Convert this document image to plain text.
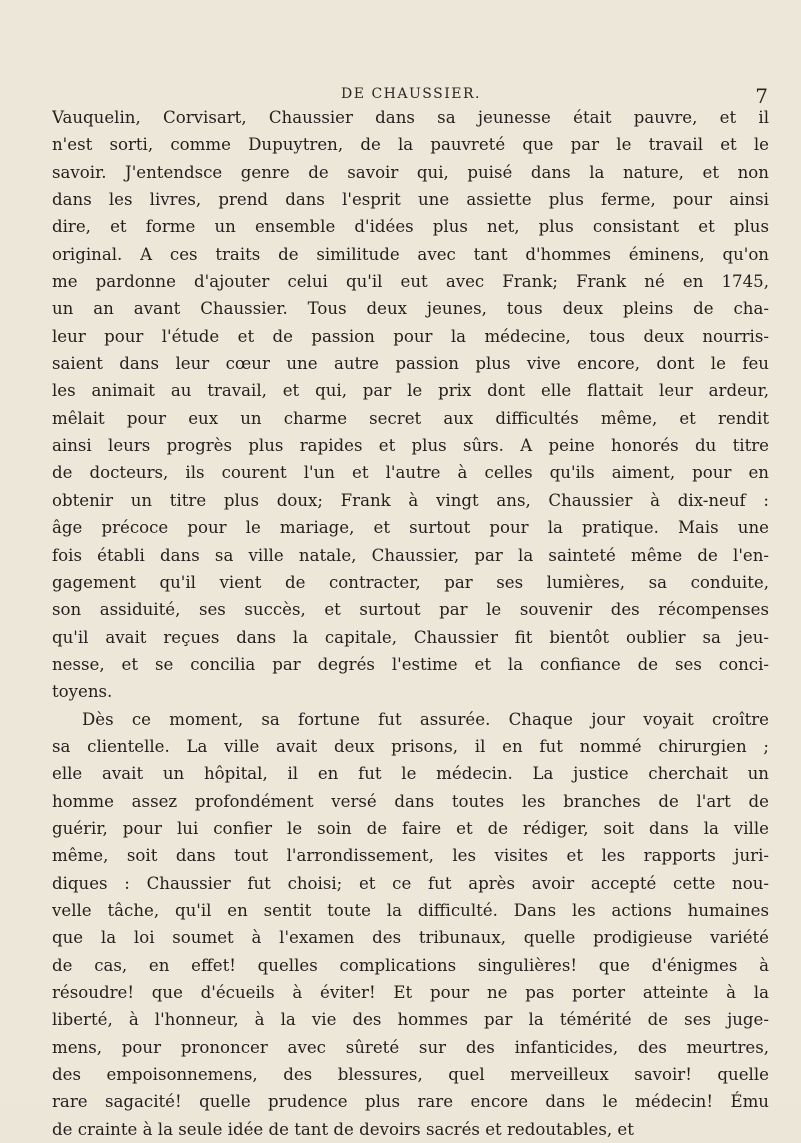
DE CHAUSSIER.	7
Vauquelin, Corvisart, Chaussier dans sa jeunesse était pauvre, et il
n'est sorti, comme Dupuytren, de la pauvreté que par le travail et le
savoir. J'entendsce genre de savoir qui, puisé dans la nature, et non
dans les livres, prend dans l'esprit une assiette plus ferme, pour ainsi
dire, et forme un ensemble d'idées plus net, plus consistant et plus
original. A ces traits de similitude avec tant d'hommes éminens, qu'on
me pardonne d'ajouter celui qu'il eut avec Frank; Frank né en 1745,
un an avant Chaussier. Tous deux jeunes, tous deux pleins de cha-
leur pour l'étude et de passion pour la médecine, tous deux nourris-
saient dans leur cœur une autre passion plus vive encore, dont le feu
les animait au travail, et qui, par le prix dont elle flattait leur ardeur,
mêlait pour eux un charme secret aux difficultés même, et rendit
ainsi leurs progrès plus rapides et plus sûrs. A peine honorés du titre
de docteurs, ils courent l'un et l'autre à celles qu'ils aiment, pour en
obtenir un titre plus doux; Frank à vingt ans, Chaussier à dix-neuf :
âge précoce pour le mariage, et surtout pour la pratique. Mais une
fois établi dans sa ville natale, Chaussier, par la sainteté même de l'en-
gagement qu'il vient de contracter, par ses lumières, sa conduite,
son assiduité, ses succès, et surtout par le souvenir des récompenses
qu'il avait reçues dans la capitale, Chaussier fit bientôt oublier sa jeu-
nesse, et se concilia par degrés l'estime et la confiance de ses conci-
toyens.
Dès ce moment, sa fortune fut assurée. Chaque jour voyait croître
sa clientelle. La ville avait deux prisons, il en fut nommé chirurgien ;
elle avait un hôpital, il en fut le médecin. La justice cherchait un
homme assez profondément versé dans toutes les branches de l'art de
guérir, pour lui confier le soin de faire et de rédiger, soit dans la ville
même, soit dans tout l'arrondissement, les visites et les rapports juri-
diques : Chaussier fut choisi; et ce fut après avoir accepté cette nou-
velle tâche, qu'il en sentit toute la difficulté. Dans les actions humaines
que la loi soumet à l'examen des tribunaux, quelle prodigieuse variété
de cas, en effet! quelles complications singulières! que d'énigmes à
résoudre! que d'écueils à éviter! Et pour ne pas porter atteinte à la
liberté, à l'honneur, à la vie des hommes par la témérité de ses juge-
mens, pour prononcer avec sûreté sur des infanticides, des meurtres,
des empoisonnemens, des blessures, quel merveilleux savoir! quelle
rare sagacité! quelle prudence plus rare encore dans le médecin! Ému
de crainte à la seule idée de tant de devoirs sacrés et redoutables, et
